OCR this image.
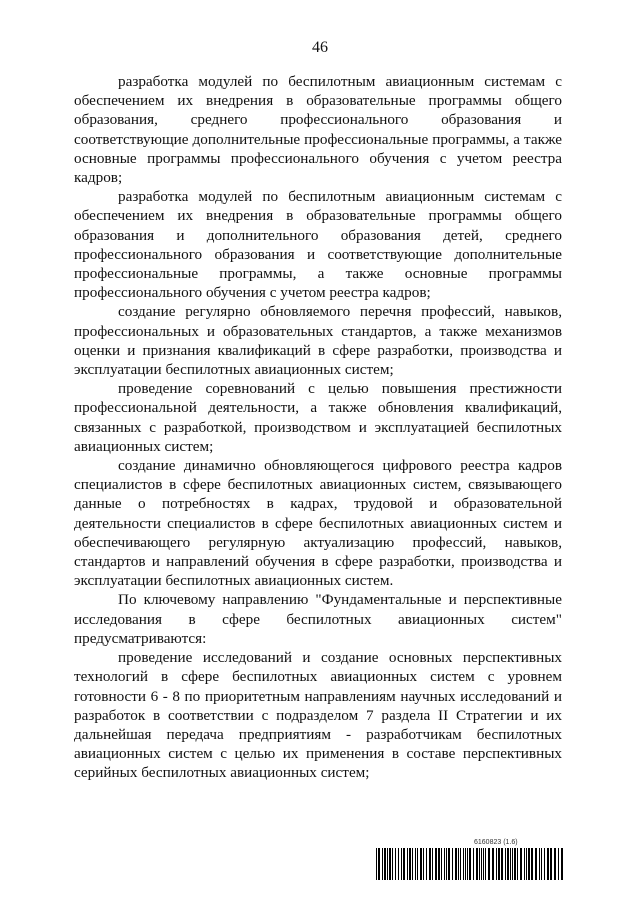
46

разработка модулей по беспилотным авиационным системам с обеспечением их внедрения в образовательные программы общего образования, среднего профессионального образования и соответствующие дополнительные профессиональные программы, а также основные программы профессионального обучения с учетом реестра кадров;

разработка модулей по беспилотным авиационным системам с обеспечением их внедрения в образовательные программы общего образования и дополнительного образования детей, среднего профессионального образования и соответствующие дополнительные профессиональные программы, а также основные программы профессионального обучения с учетом реестра кадров;

создание регулярно обновляемого перечня профессий, навыков, профессиональных и образовательных стандартов, а также механизмов оценки и признания квалификаций в сфере разработки, производства и эксплуатации беспилотных авиационных систем;

проведение соревнований с целью повышения престижности профессиональной деятельности, а также обновления квалификаций, связанных с разработкой, производством и эксплуатацией беспилотных авиационных систем;

создание динамично обновляющегося цифрового реестра кадров специалистов в сфере беспилотных авиационных систем, связывающего данные о потребностях в кадрах, трудовой и образовательной деятельности специалистов в сфере беспилотных авиационных систем и обеспечивающего регулярную актуализацию профессий, навыков, стандартов и направлений обучения в сфере разработки, производства и эксплуатации беспилотных авиационных систем.

По ключевому направлению "Фундаментальные и перспективные исследования в сфере беспилотных авиационных систем" предусматриваются:

проведение исследований и создание основных перспективных технологий в сфере беспилотных авиационных систем с уровнем готовности 6 - 8 по приоритетным направлениям научных исследований и разработок в соответствии с подразделом 7 раздела II Стратегии и их дальнейшая передача предприятиям - разработчикам беспилотных авиационных систем с целью их применения в составе перспективных серийных беспилотных авиационных систем;

6160823 (1.6)
